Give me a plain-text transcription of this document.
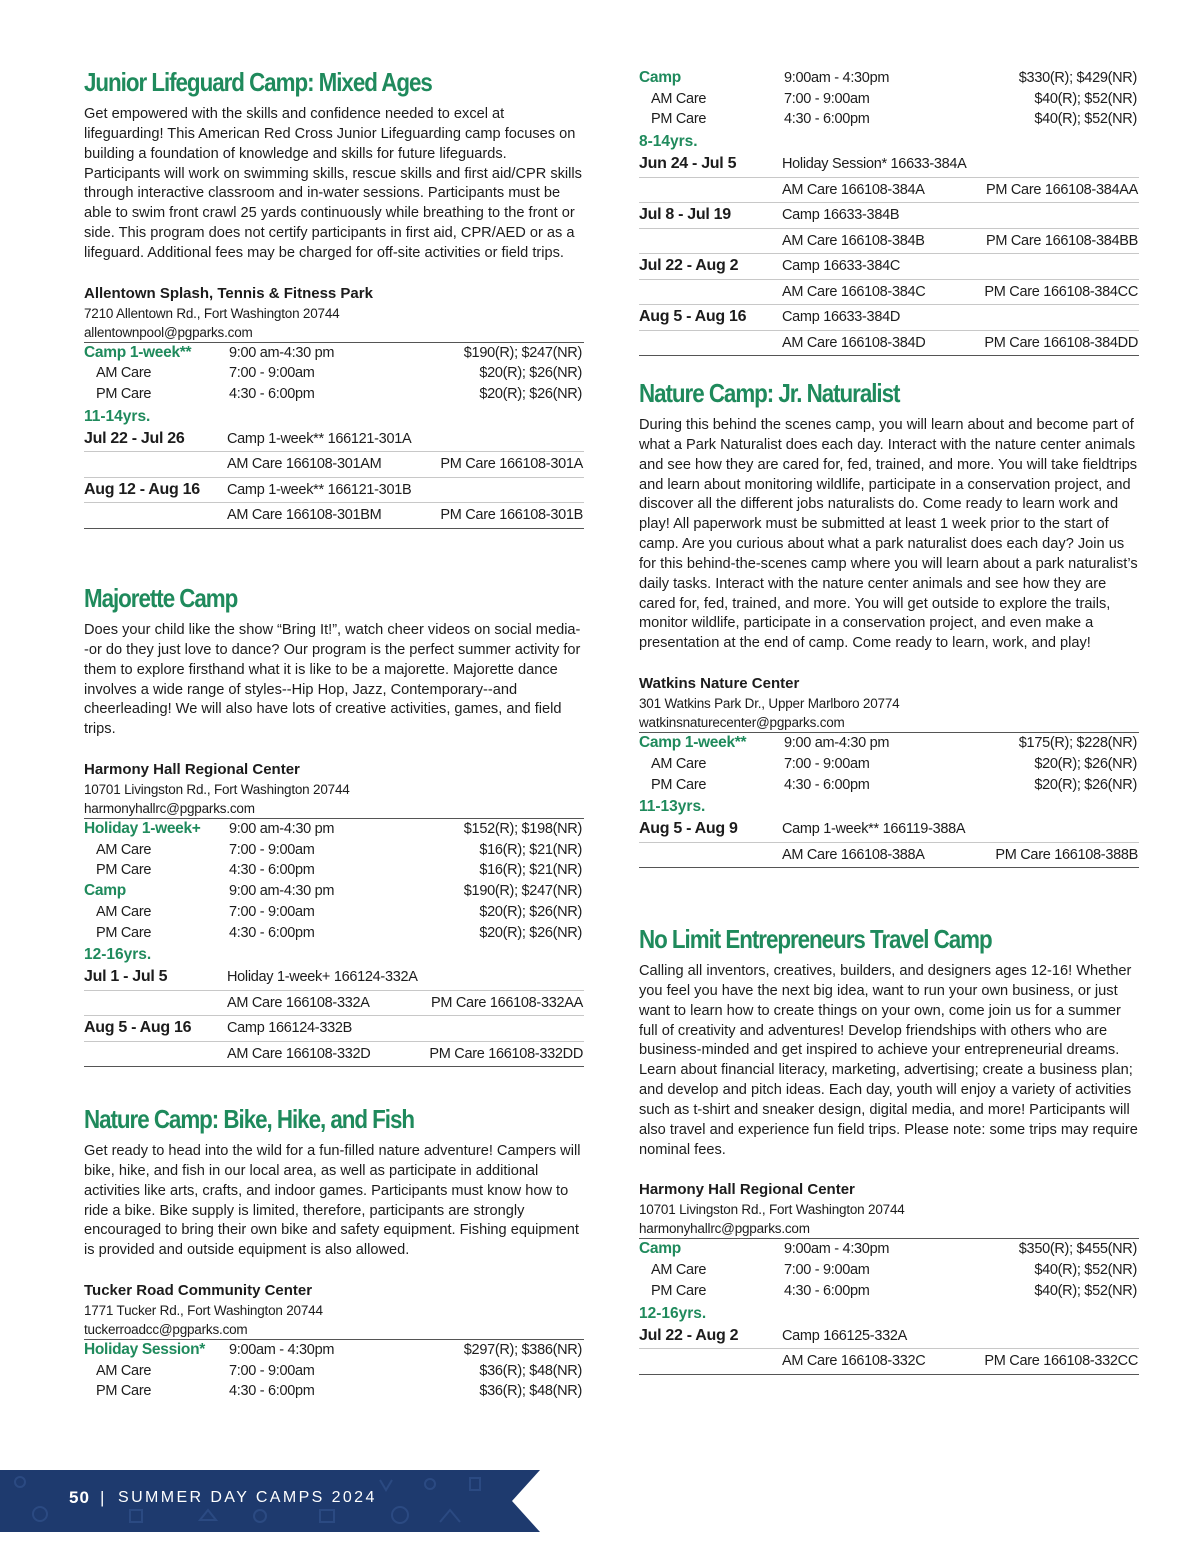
Junior Lifeguard Camp: Mixed Ages

Get empowered with the skills and confidence needed to excel at lifeguarding! This American Red Cross Junior Lifeguarding camp focuses on building a foundation of knowledge and skills for future lifeguards. Participants will work on swimming skills, rescue skills and first aid/CPR skills through interactive classroom and in-water sessions. Participants must be able to swim front crawl 25 yards continuously while breathing to the front or side. This program does not certify participants in first aid, CPR/AED or as a lifeguard. Additional fees may be charged for off-site activities or field trips.

Allentown Splash, Tennis & Fitness Park
7210 Allentown Rd., Fort Washington 20744
allentownpool@pgparks.com
Camp 1-week**	9:00 am-4:30 pm	$190(R); $247(NR)
AM Care	7:00 - 9:00am	$20(R); $26(NR)
PM Care	4:30 - 6:00pm	$20(R); $26(NR)
11-14yrs.
Jul 22 - Jul 26	Camp 1-week** 166121-301A
AM Care 166108-301AM	PM Care 166108-301A
Aug 12 - Aug 16 Camp 1-week** 166121-301B
AM Care 166108-301BM	PM Care 166108-301B
Majorette Camp

Does your child like the show “Bring It!”, watch cheer videos on social media--or do they just love to dance? Our program is the perfect summer activity for them to explore firsthand what it is like to be a majorette. Majorette dance involves a wide range of styles--Hip Hop, Jazz, Contemporary--and cheerleading! We will also have lots of creative activities, games, and field trips.

Harmony Hall Regional Center
10701 Livingston Rd., Fort Washington 20744
harmonyhallrc@pgparks.com
Holiday 1-week+ 9:00 am-4:30 pm	$152(R); $198(NR)
AM Care	7:00 - 9:00am	$16(R); $21(NR)
PM Care	4:30 - 6:00pm	$16(R); $21(NR)
Camp	9:00 am-4:30 pm	$190(R); $247(NR)
AM Care	7:00 - 9:00am	$20(R); $26(NR)
PM Care	4:30 - 6:00pm	$20(R); $26(NR)
12-16yrs.
Jul 1 - Jul 5	Holiday 1-week+ 166124-332A
AM Care 166108-332A	PM Care 166108-332AA
Aug 5 - Aug 16 Camp 166124-332B
AM Care 166108-332D	PM Care 166108-332DD
Nature Camp: Bike, Hike, and Fish

Get ready to head into the wild for a fun-filled nature adventure! Campers will bike, hike, and fish in our local area, as well as participate in additional activities like arts, crafts, and indoor games. Participants must know how to ride a bike. Bike supply is limited, therefore, participants are strongly encouraged to bring their own bike and safety equipment. Fishing equipment is provided and outside equipment is also allowed.

Tucker Road Community Center
1771 Tucker Rd., Fort Washington 20744
tuckerroadcc@pgparks.com
Holiday Session* 9:00am - 4:30pm	$297(R); $386(NR)
AM Care	7:00 - 9:00am	$36(R); $48(NR)
PM Care	4:30 - 6:00pm	$36(R); $48(NR)
Camp	9:00am - 4:30pm	$330(R); $429(NR)
AM Care	7:00 - 9:00am	$40(R); $52(NR)
PM Care	4:30 - 6:00pm	$40(R); $52(NR)
8-14yrs.
Jun 24 - Jul 5	Holiday Session* 16633-384A
AM Care 166108-384A	PM Care 166108-384AA
Jul 8 - Jul 19	Camp 16633-384B
AM Care 166108-384B	PM Care 166108-384BB
Jul 22 - Aug 2	Camp 16633-384C
AM Care 166108-384C	PM Care 166108-384CC
Aug 5 - Aug 16 Camp 16633-384D
AM Care 166108-384D	PM Care 166108-384DD
Nature Camp: Jr. Naturalist

During this behind the scenes camp, you will learn about and become part of what a Park Naturalist does each day. Interact with the nature center animals and see how they are cared for, fed, trained, and more. You will take fieldtrips and learn about monitoring wildlife, participate in a conservation project, and discover all the different jobs naturalists do. Come ready to learn work and play! All paperwork must be submitted at least 1 week prior to the start of camp. Are you curious about what a park naturalist does each day? Join us for this behind-the-scenes camp where you will learn about a park naturalist’s daily tasks. Interact with the nature center animals and see how they are cared for, fed, trained, and more. You will get outside to explore the trails, monitor wildlife, participate in a conservation project, and even make a presentation at the end of camp. Come ready to learn, work, and play!

Watkins Nature Center
301 Watkins Park Dr., Upper Marlboro 20774
watkinsnaturecenter@pgparks.com
Camp 1-week**	9:00 am-4:30 pm	$175(R); $228(NR)
AM Care	7:00 - 9:00am	$20(R); $26(NR)
PM Care	4:30 - 6:00pm	$20(R); $26(NR)
11-13yrs.
Aug 5 - Aug 9	Camp 1-week** 166119-388A
AM Care 166108-388A	PM Care 166108-388B
No Limit Entrepreneurs Travel Camp

Calling all inventors, creatives, builders, and designers ages 12-16! Whether you feel you have the next big idea, want to run your own business, or just want to learn how to create things on your own, come join us for a summer full of creativity and adventures! Develop friendships with others who are business-minded and get inspired to achieve your entrepreneurial dreams. Learn about financial literacy, marketing, advertising; create a business plan; and develop and pitch ideas. Each day, youth will enjoy a variety of activities such as t-shirt and sneaker design, digital media, and more! Participants will also travel and experience fun field trips. Please note: some trips may require nominal fees.

Harmony Hall Regional Center
10701 Livingston Rd., Fort Washington 20744
harmonyhallrc@pgparks.com
Camp	9:00am - 4:30pm	$350(R); $455(NR)
AM Care	7:00 - 9:00am	$40(R); $52(NR)
PM Care	4:30 - 6:00pm	$40(R); $52(NR)
12-16yrs.
Jul 22 - Aug 2	Camp 166125-332A
AM Care 166108-332C	PM Care 166108-332CC
50 | SUMMER DAY CAMPS 2024
